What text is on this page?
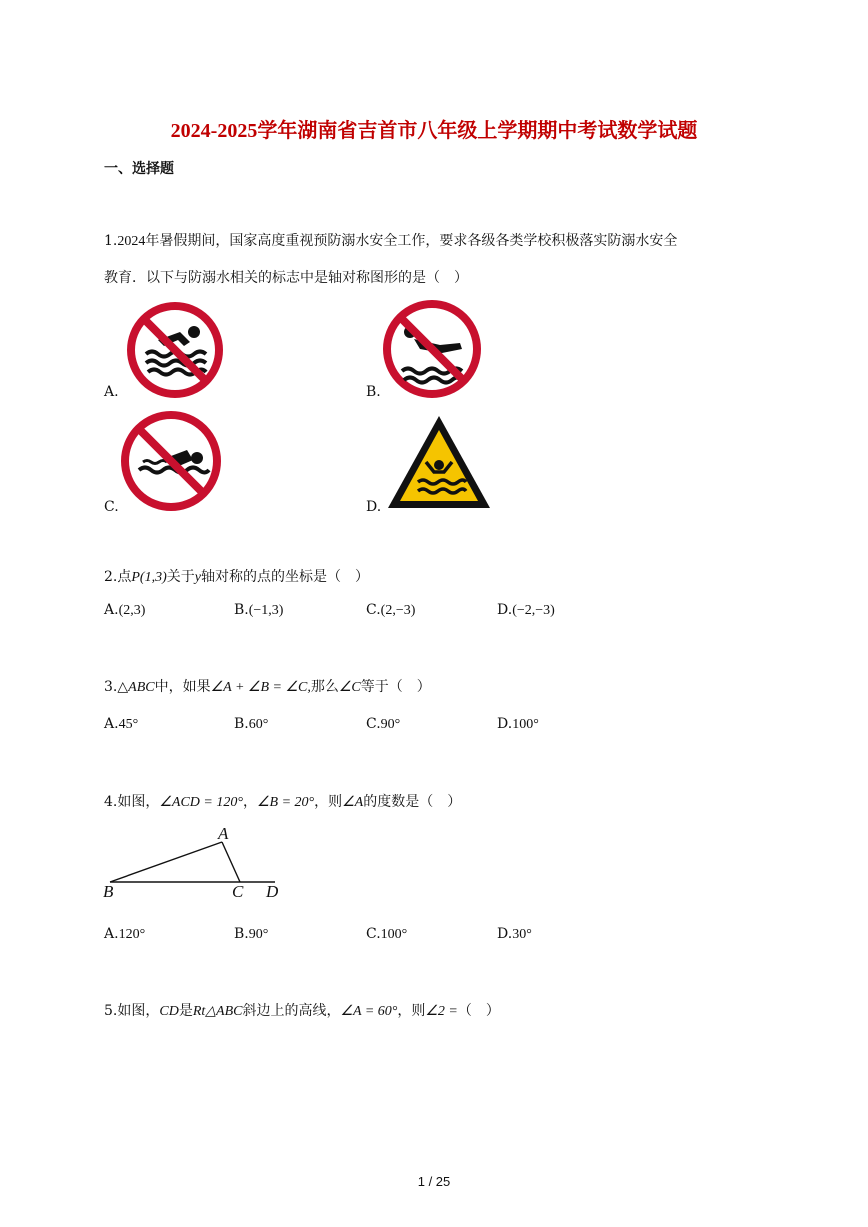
2024-2025学年湖南省吉首市八年级上学期期中考试数学试题
一、选择题
1.2024年暑假期间，国家高度重视预防溺水安全工作，要求各级各类学校积极落实防溺水安全
教育．以下与防溺水相关的标志中是轴对称图形的是（　）
A.	B.
C.	D.
2.点P(1,3)关于y轴对称的点的坐标是（　）
A.(2,3)	B.(−1,3)	C.(2,−3)	D.(−2,−3)
3.△ABC中，如果∠A + ∠B = ∠C,那么∠C等于（　）
A.45°	B.60°	C.90°	D.100°
4.如图，∠ACD = 120°，∠B = 20°，则∠A的度数是（　）
A
B	C D
A.120°	B.90°	C.100°	D.30°
5.如图，CD是Rt△ABC斜边上的高线，∠A = 60°，则∠2 =（　）
1 / 25
